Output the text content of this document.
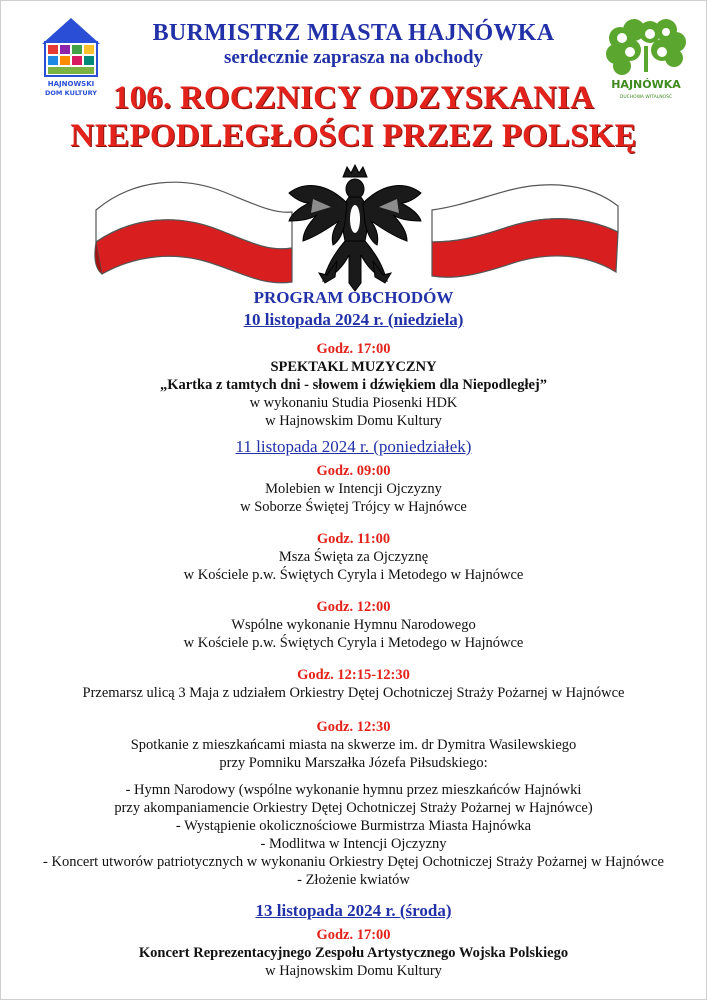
HAJNOWSKI
DOM KULTURY
HAJNÓWKA
DUCHOWA WITALNOŚĆ
BURMISTRZ MIASTA HAJNÓWKA
serdecznie zaprasza na obchody
106. ROCZNICY ODZYSKANIA
NIEPODLEGŁOŚCI PRZEZ POLSKĘ
PROGRAM OBCHODÓW
10 listopada 2024 r. (niedziela)
Godz. 17:00
SPEKTAKL MUZYCZNY
„Kartka z tamtych dni - słowem i dźwiękiem dla Niepodległej”
w wykonaniu Studia Piosenki HDK
w Hajnowskim Domu Kultury
11 listopada 2024 r. (poniedziałek)
Godz. 09:00
Molebien w Intencji Ojczyzny
w Soborze Świętej Trójcy w Hajnówce
Godz. 11:00
Msza Święta za Ojczyznę
w Kościele p.w. Świętych Cyryla i Metodego w Hajnówce
Godz. 12:00
Wspólne wykonanie Hymnu Narodowego
w Kościele p.w. Świętych Cyryla i Metodego w Hajnówce
Godz. 12:15-12:30
Przemarsz ulicą 3 Maja z udziałem Orkiestry Dętej Ochotniczej Straży Pożarnej w Hajnówce
Godz. 12:30
Spotkanie z mieszkańcami miasta na skwerze im. dr Dymitra Wasilewskiego
przy Pomniku Marszałka Józefa Piłsudskiego:
- Hymn Narodowy (wspólne wykonanie hymnu przez mieszkańców Hajnówki
przy akompaniamencie Orkiestry Dętej Ochotniczej Straży Pożarnej w Hajnówce)
- Wystąpienie okolicznościowe Burmistrza Miasta Hajnówka
- Modlitwa w Intencji Ojczyzny
- Koncert utworów patriotycznych w wykonaniu Orkiestry Dętej Ochotniczej Straży Pożarnej w Hajnówce
- Złożenie kwiatów
13 listopada 2024 r. (środa)
Godz. 17:00
Koncert Reprezentacyjnego Zespołu Artystycznego Wojska Polskiego
w Hajnowskim Domu Kultury
